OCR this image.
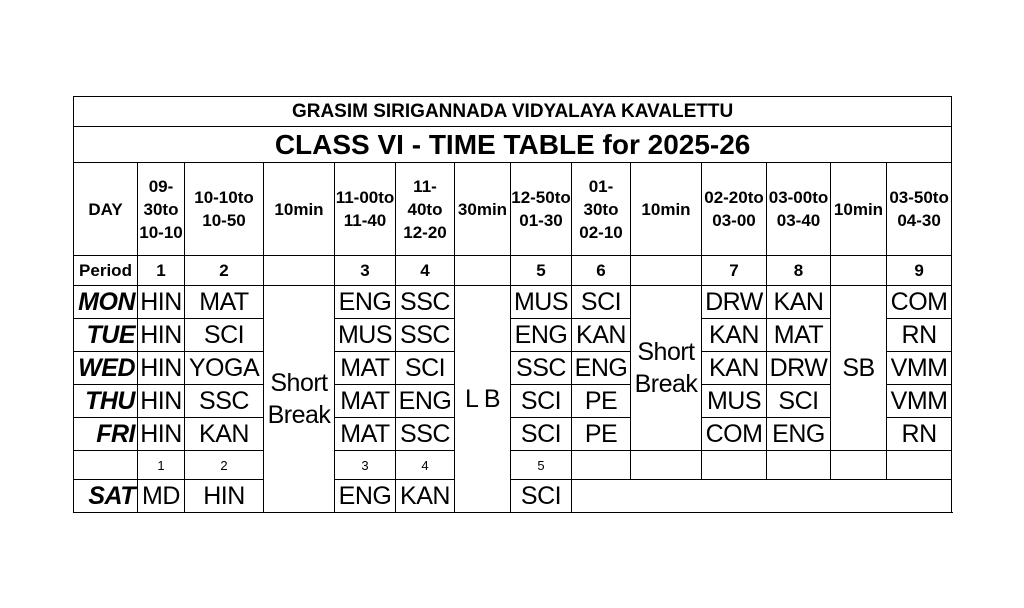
GRASIM SIRIGANNADA VIDYALAYA KAVALETTU													
CLASS VI - TIME TABLE for 2025-26													
DAY	09-30to 10-10	10-10to 10-50	10min	11-00to 11-40	11-40to 12-20	30min	12-50to 01-30	01-30to 02-10	10min	02-20to 03-00	03-00to 03-40	10min	03-50to 04-30
Period	1	2		3	4		5	6		7	8		9
MON	HIN	MAT	Short Break	ENG	SSC	L B	MUS	SCI	Short Break	DRW	KAN	SB	COM
TUE	HIN	SCI		MUS	SSC		ENG	KAN		KAN	MAT		RN
WED	HIN	YOGA		MAT	SCI		SSC	ENG		KAN	DRW		VMM
THU	HIN	SSC		MAT	ENG		SCI	PE		MUS	SCI		VMM
FRI	HIN	KAN		MAT	SSC		SCI	PE		COM	ENG		RN
	1	2		3	4		5						
SAT	MD	HIN		ENG	KAN		SCI						
